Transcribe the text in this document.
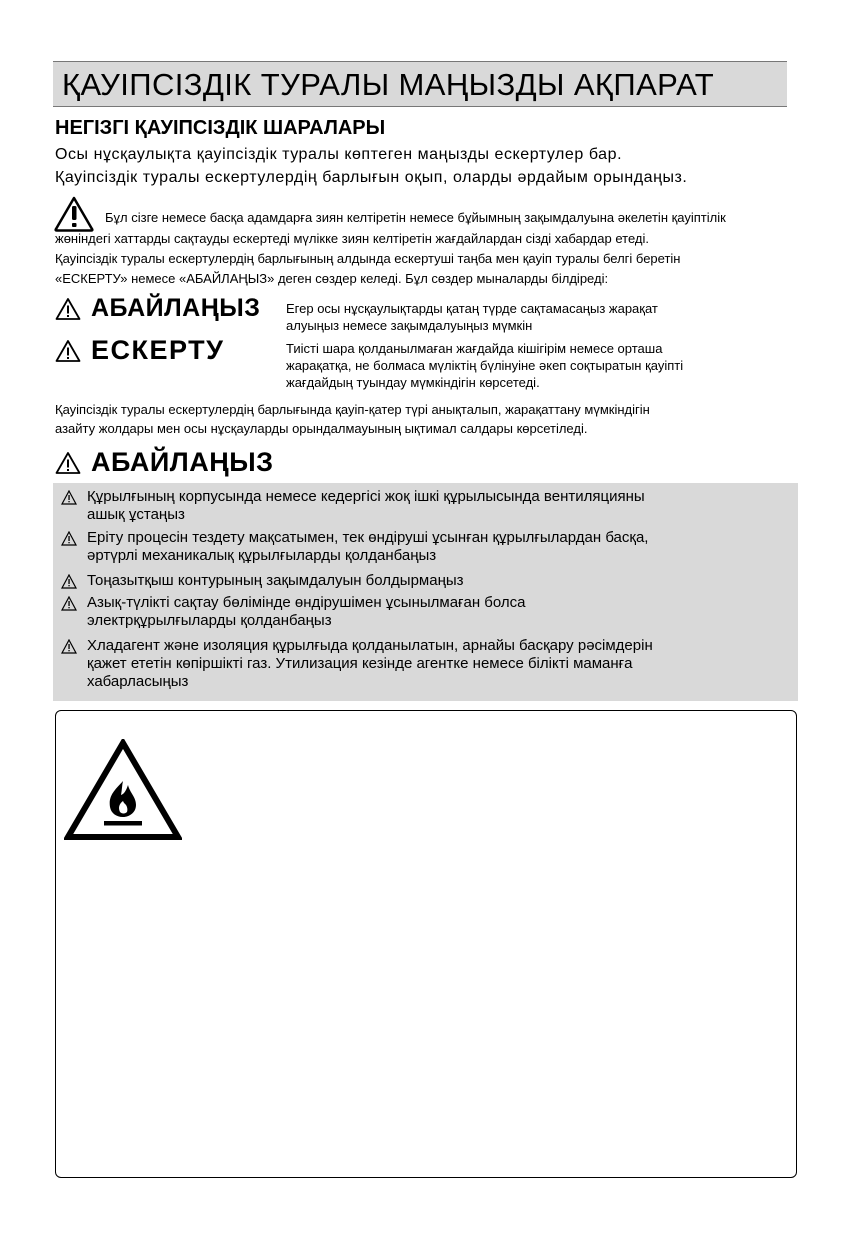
ҚАУІПСІЗДІК ТУРАЛЫ МАҢЫЗДЫ АҚПАРАТ
НЕГІЗГІ ҚАУІПСІЗДІК ШАРАЛАРЫ
Осы нұсқаулықта қауіпсіздік туралы көптеген маңызды ескертулер бар.
Қауіпсіздік туралы ескертулердің барлығын оқып, оларды әрдайым орындаңыз.
Бұл сізге немесе басқа адамдарға зиян келтіретін немесе бұйымның зақымдалуына әкелетін қауіптілік
жөніндегі хаттарды сақтауды ескертеді мүлікке зиян келтіретін жағдайлардан сізді хабардар етеді.
Қауіпсіздік туралы ескертулердің барлығының алдында ескертуші таңба мен қауіп туралы белгі беретін
«ЕСКЕРТУ» немесе «АБАЙЛАҢЫЗ» деген сөздер келеді. Бұл сөздер мыналарды білдіреді:
АБАЙЛАҢЫЗ Егер осы нұсқаулықтарды қатаң түрде сақтамасаңыз жарақат
алуыңыз немесе зақымдалуыңыз мүмкін
ЕСКЕРТУ	Тиісті шара қолданылмаған жағдайда кішігірім немесе орташа
жарақатқа, не болмаса мүліктің бүлінуіне әкеп соқтыратын қауіпті
жағдайдың туындау мүмкіндігін көрсетеді.
Қауіпсіздік туралы ескертулердің барлығында қауіп-қатер түрі анықталып, жарақаттану мүмкіндігін
азайту жолдары мен осы нұсқауларды орындалмауының ықтимал салдары көрсетіледі.
АБАЙЛАҢЫЗ
Құрылғының корпусында немесе кедергісі жоқ ішкі құрылысында вентиляцияны
ашық ұстаңыз
Еріту процесін тездету мақсатымен, тек өндіруші ұсынған құрылғылардан басқа,
әртүрлі механикалық құрылғыларды қолданбаңыз
Тоңазытқыш контурының зақымдалуын болдырмаңыз
Азық-түлікті сақтау бөлімінде өндірушімен ұсынылмаған болса
электрқұрылғыларды қолданбаңыз
Хладагент және изоляция құрылғыда қолданылатын, арнайы басқару рәсімдерін
қажет ететін көпіршікті газ. Утилизация кезінде агентке немесе білікті маманға
хабарласыңыз
